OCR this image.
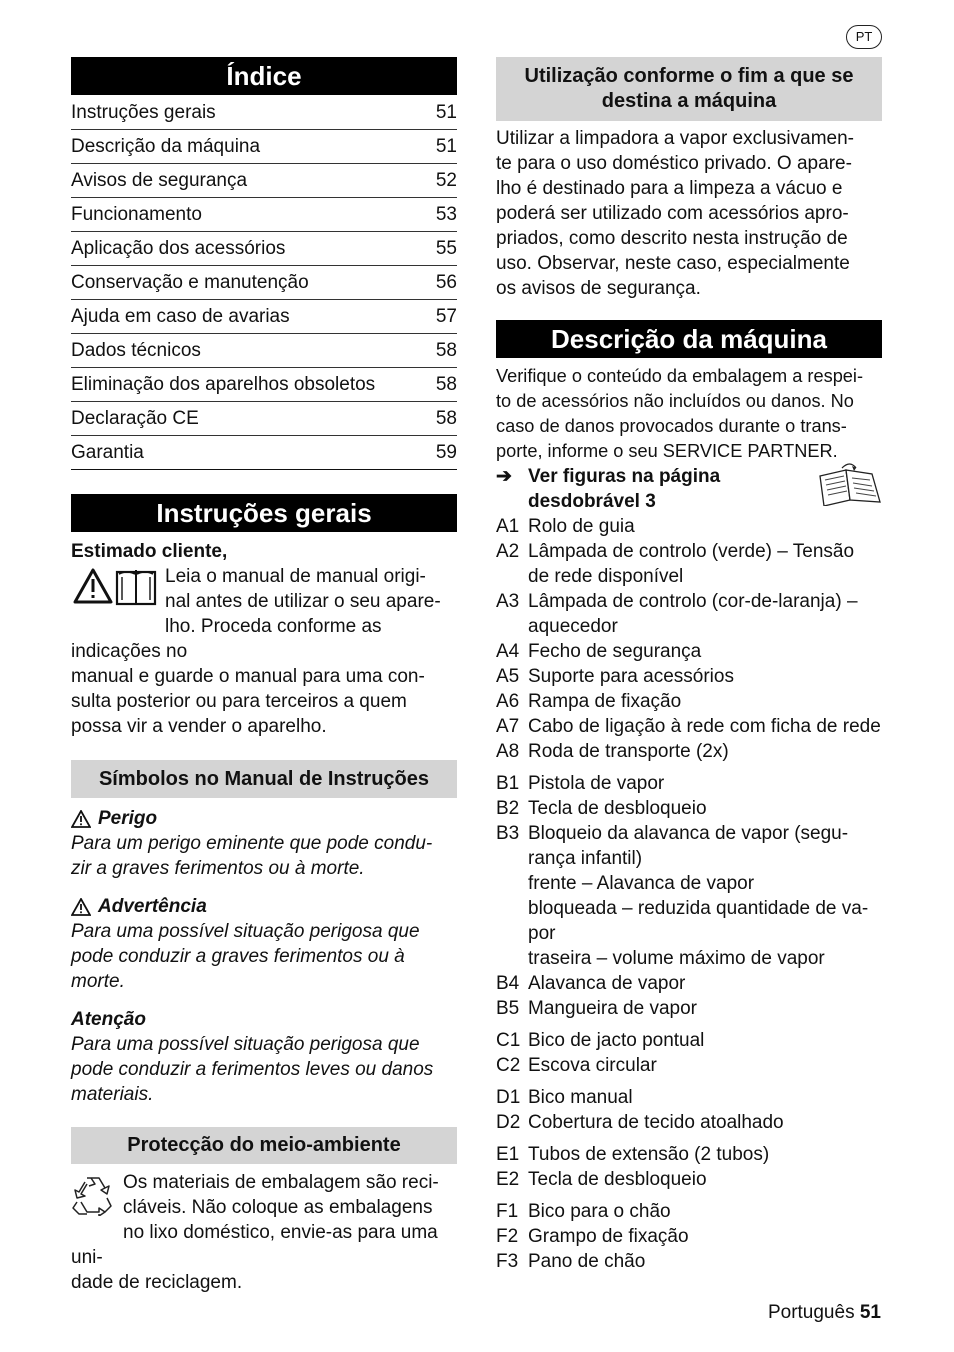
PT
Índice
Instruções gerais	51
Descrição da máquina	51
Avisos de segurança	52
Funcionamento	53
Aplicação dos acessórios	55
Conservação e manutenção	56
Ajuda em caso de avarias	57
Dados técnicos	58
Eliminação dos aparelhos obsoletos	58
Declaração CE	58
Garantia	59
Instruções gerais
Estimado cliente,
Leia o manual de manual origi-
nal antes de utilizar o seu apare-
lho. Proceda conforme as indicações no
manual e guarde o manual para uma con-
sulta posterior ou para terceiros a quem
possa vir a vender o aparelho.
Símbolos no Manual de Instruções
Perigo
Para um perigo eminente que pode condu-
zir a graves ferimentos ou à morte.
Advertência
Para uma possível situação perigosa que
pode conduzir a graves ferimentos ou à
morte.
Atenção
Para uma possível situação perigosa que
pode conduzir a ferimentos leves ou danos
materiais.
Protecção do meio-ambiente
Os materiais de embalagem são reci-
cláveis. Não coloque as embalagens
no lixo doméstico, envie-as para uma uni-
dade de reciclagem.
Utilização conforme o fim a que se
destina a máquina
Utilizar a limpadora a vapor exclusivamen-
te para o uso doméstico privado. O apare-
lho é destinado para a limpeza a vácuo e
poderá ser utilizado com acessórios apro-
priados, como descrito nesta instrução de
uso. Observar, neste caso, especialmente
os avisos de segurança.
Descrição da máquina
Verifique o conteúdo da embalagem a respei-
to de acessórios não incluídos ou danos. No
caso de danos provocados durante o trans-
porte, informe o seu SERVICE PARTNER.
➔ Ver figuras na página
desdobrável 3
A1 Rolo de guia
A2 Lâmpada de controlo (verde) – Tensão
de rede disponível
A3 Lâmpada de controlo (cor-de-laranja) –
aquecedor
A4 Fecho de segurança
A5 Suporte para acessórios
A6 Rampa de fixação
A7 Cabo de ligação à rede com ficha de rede
A8 Roda de transporte (2x)
B1 Pistola de vapor
B2 Tecla de desbloqueio
B3 Bloqueio da alavanca de vapor (segu-
rança infantil)
frente – Alavanca de vapor
bloqueada – reduzida quantidade de va-
por
traseira – volume máximo de vapor
B4 Alavanca de vapor
B5 Mangueira de vapor
C1 Bico de jacto pontual
C2 Escova circular
D1 Bico manual
D2 Cobertura de tecido atoalhado
E1 Tubos de extensão (2 tubos)
E2 Tecla de desbloqueio
F1 Bico para o chão
F2 Grampo de fixação
F3 Pano de chão
Português 51
